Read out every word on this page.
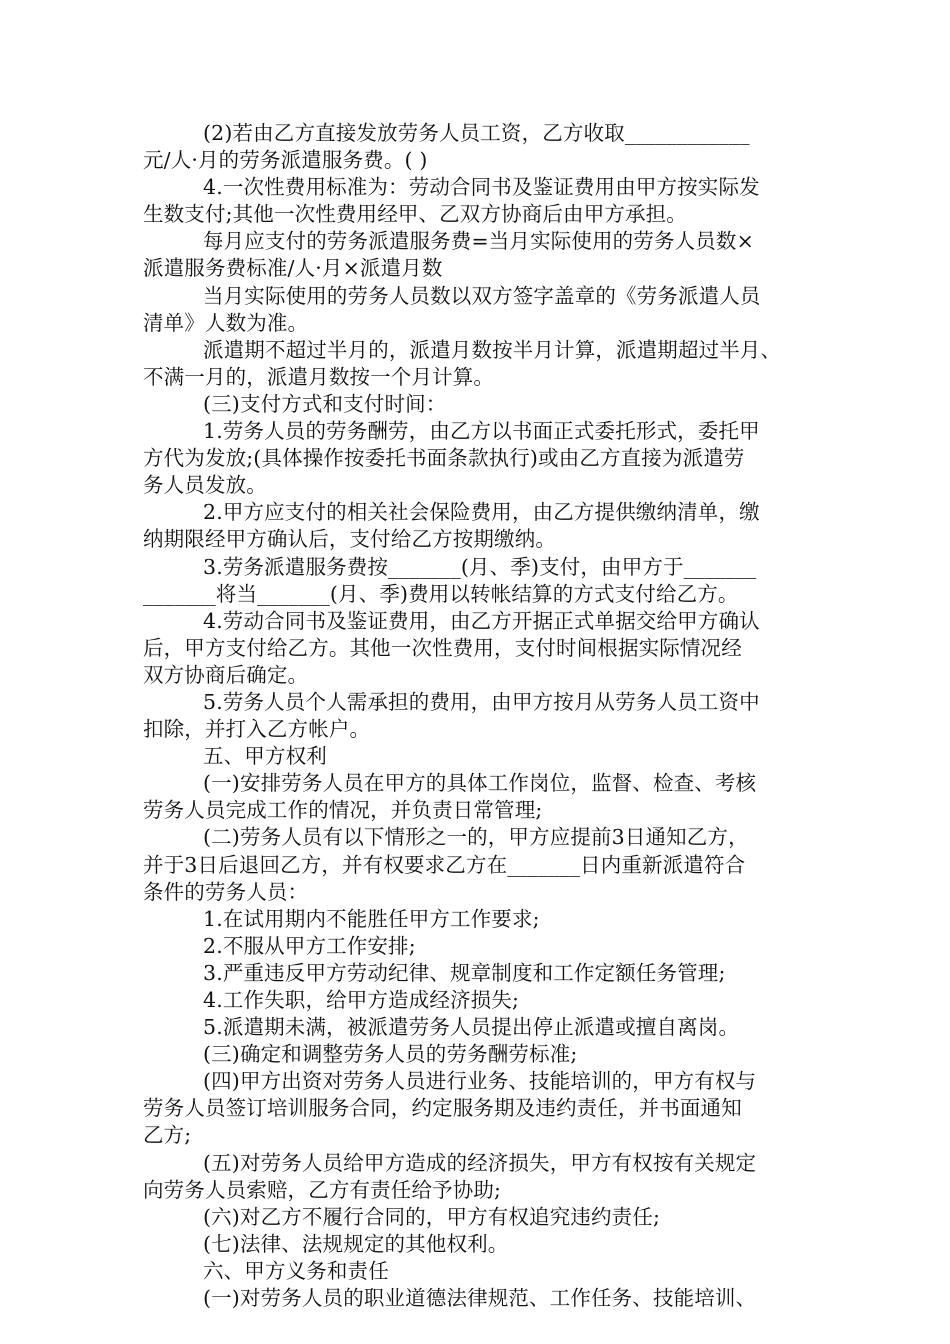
(2)若由乙方直接发放劳务人员工资，乙方收取____________
元/人·月的劳务派遣服务费。( )
4.一次性费用标准为：劳动合同书及鉴证费用由甲方按实际发
生数支付;其他一次性费用经甲、乙双方协商后由甲方承担。
每月应支付的劳务派遣服务费=当月实际使用的劳务人员数×
派遣服务费标准/人·月×派遣月数
当月实际使用的劳务人员数以双方签字盖章的《劳务派遣人员
清单》人数为准。
派遣期不超过半月的，派遣月数按半月计算，派遣期超过半月、
不满一月的，派遣月数按一个月计算。
(三)支付方式和支付时间：
1.劳务人员的劳务酬劳，由乙方以书面正式委托形式，委托甲
方代为发放;(具体操作按委托书面条款执行)或由乙方直接为派遣劳
务人员发放。
2.甲方应支付的相关社会保险费用，由乙方提供缴纳清单，缴
纳期限经甲方确认后，支付给乙方按期缴纳。
3.劳务派遣服务费按_______(月、季)支付，由甲方于_______
_______将当_______(月、季)费用以转帐结算的方式支付给乙方。
4.劳动合同书及鉴证费用，由乙方开据正式单据交给甲方确认
后，甲方支付给乙方。其他一次性费用，支付时间根据实际情况经
双方协商后确定。
5.劳务人员个人需承担的费用，由甲方按月从劳务人员工资中
扣除，并打入乙方帐户。
五、甲方权利
(一)安排劳务人员在甲方的具体工作岗位，监督、检查、考核
劳务人员完成工作的情况，并负责日常管理;
(二)劳务人员有以下情形之一的，甲方应提前3日通知乙方，
并于3日后退回乙方，并有权要求乙方在_______日内重新派遣符合
条件的劳务人员：
1.在试用期内不能胜任甲方工作要求;
2.不服从甲方工作安排;
3.严重违反甲方劳动纪律、规章制度和工作定额任务管理;
4.工作失职，给甲方造成经济损失;
5.派遣期未满，被派遣劳务人员提出停止派遣或擅自离岗。
(三)确定和调整劳务人员的劳务酬劳标准;
(四)甲方出资对劳务人员进行业务、技能培训的，甲方有权与
劳务人员签订培训服务合同，约定服务期及违约责任，并书面通知
乙方;
(五)对劳务人员给甲方造成的经济损失，甲方有权按有关规定
向劳务人员索赔，乙方有责任给予协助;
(六)对乙方不履行合同的，甲方有权追究违约责任;
(七)法律、法规规定的其他权利。
六、甲方义务和责任
(一)对劳务人员的职业道德法律规范、工作任务、技能培训、
